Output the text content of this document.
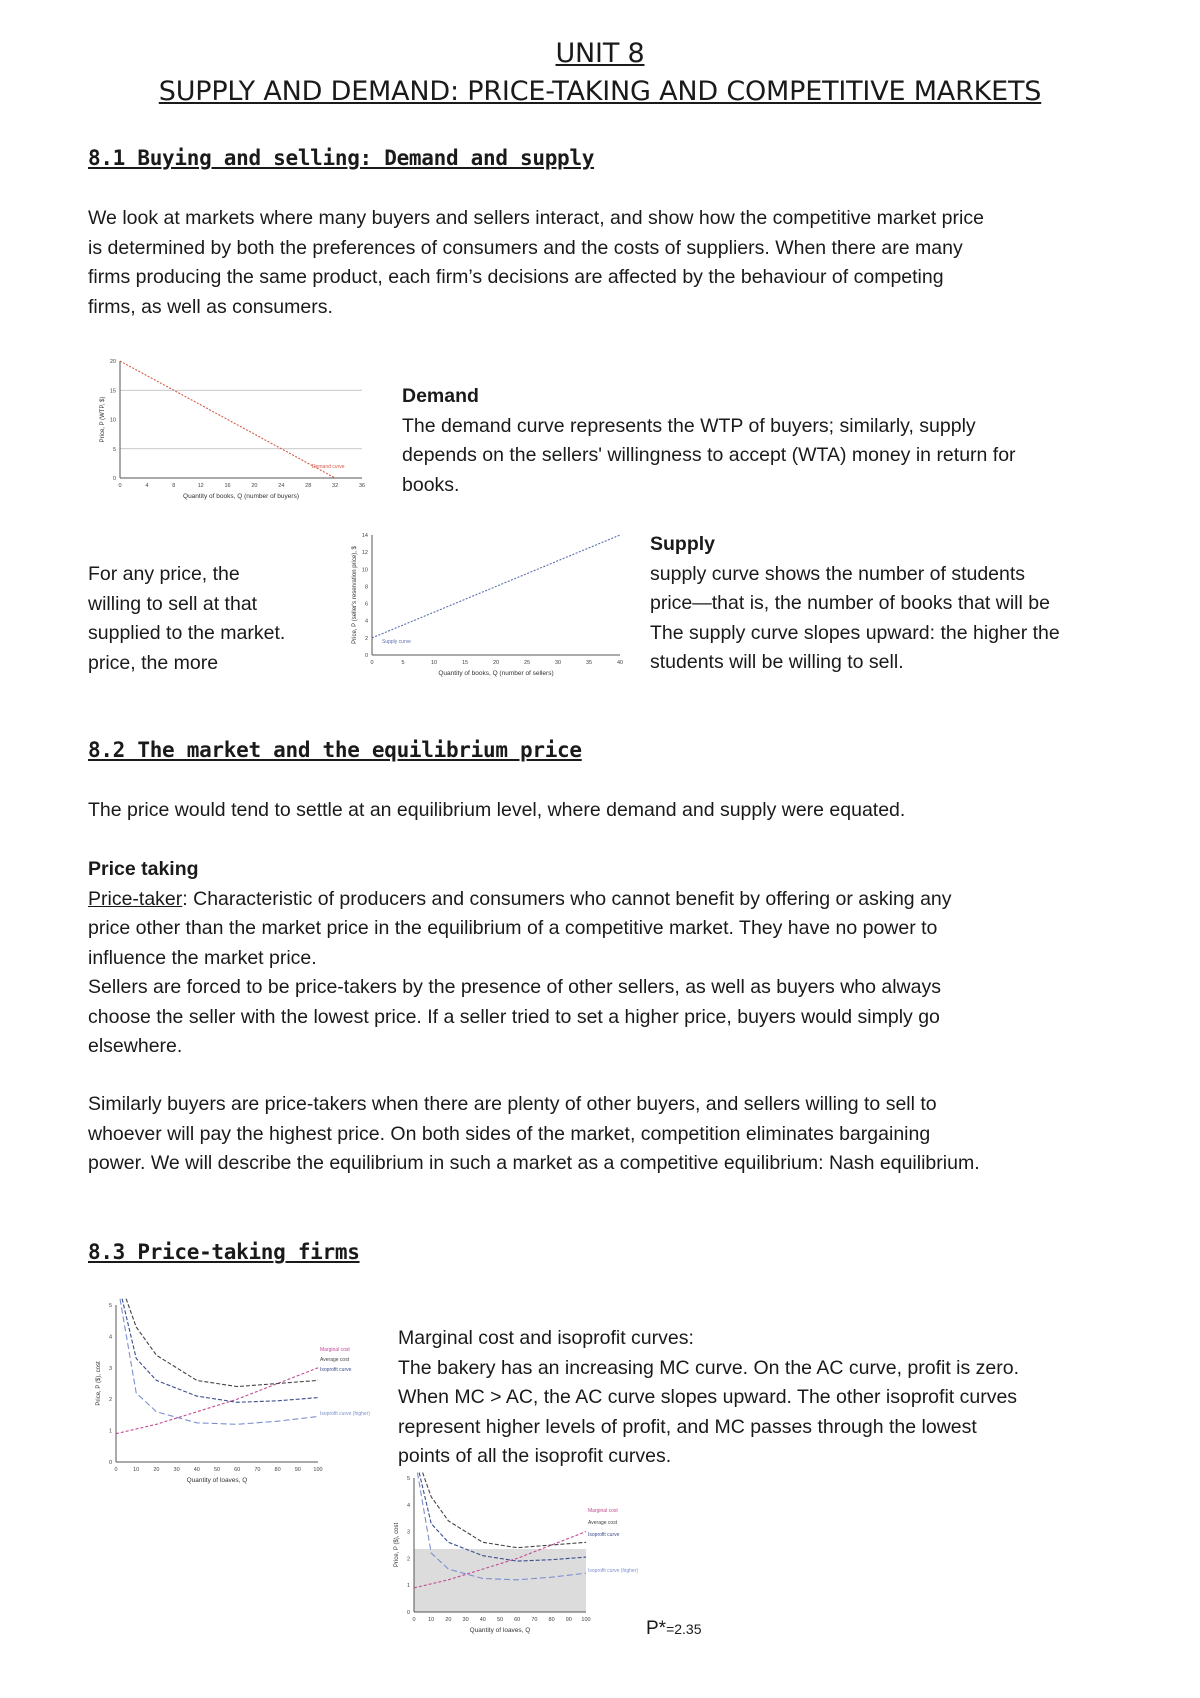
UNIT 8
SUPPLY AND DEMAND: PRICE-TAKING AND COMPETITIVE MARKETS
8.1 Buying and selling: Demand and supply
We look at markets where many buyers and sellers interact, and show how the competitive market price
is determined by both the preferences of consumers and the costs of suppliers. When there are many
firms producing the same product, each firm’s decisions are affected by the behaviour of competing
firms, as well as consumers.
0	4	8	12	16	20	24	28	32	36
0
5
10
15
20
Quantity of books, Q (number of buyers)
Price, P (WTP, $)
Demand curve
Demand
The demand curve represents the WTP of buyers; similarly, supply
depends on the sellers' willingness to accept (WTA) money in return for
books.
0	5	10	15	20	25	30	35	40
0
2
4
6
8
10
12
14
Quantity of books, Q (number of sellers)
Price, P (seller's reservation price), $	Supply curve
Supply
supply curve shows the number of students
price—that is, the number of books that will be
The supply curve slopes upward: the higher the
students will be willing to sell.
For any price, the
willing to sell at that
supplied to the market.
price, the more
8.2 The market and the equilibrium price
The price would tend to settle at an equilibrium level, where demand and supply were equated.
Price taking
Price-taker: Characteristic of producers and consumers who cannot benefit by offering or asking any
price other than the market price in the equilibrium of a competitive market. They have no power to
influence the market price.
Sellers are forced to be price-takers by the presence of other sellers, as well as buyers who always
choose the seller with the lowest price. If a seller tried to set a higher price, buyers would simply go
elsewhere.
Similarly buyers are price-takers when there are plenty of other buyers, and sellers willing to sell to
whoever will pay the highest price. On both sides of the market, competition eliminates bargaining
power. We will describe the equilibrium in such a market as a competitive equilibrium: Nash equilibrium.
8.3 Price-taking firms
0	10	20	30	40	50	60	70	80	90 100
0
1
2
3
4
5
Quantity of loaves, Q
Price, P ($), cost
Marginal cost
Average cost
Isoprofit curve
Isoprofit curve (higher)
Marginal cost and isoprofit curves:
The bakery has an increasing MC curve. On the AC curve, profit is zero.
When MC > AC, the AC curve slopes upward. The other isoprofit curves
represent higher levels of profit, and MC passes through the lowest
points of all the isoprofit curves.
0 10 20 30 40 50 60 70 80 90 100
0
1
2
3
4
5
Quantity of loaves, Q
Price, P ($), cost
Marginal cost
Average cost
Isoprofit curve
Isoprofit curve (higher)
P*=2.35
